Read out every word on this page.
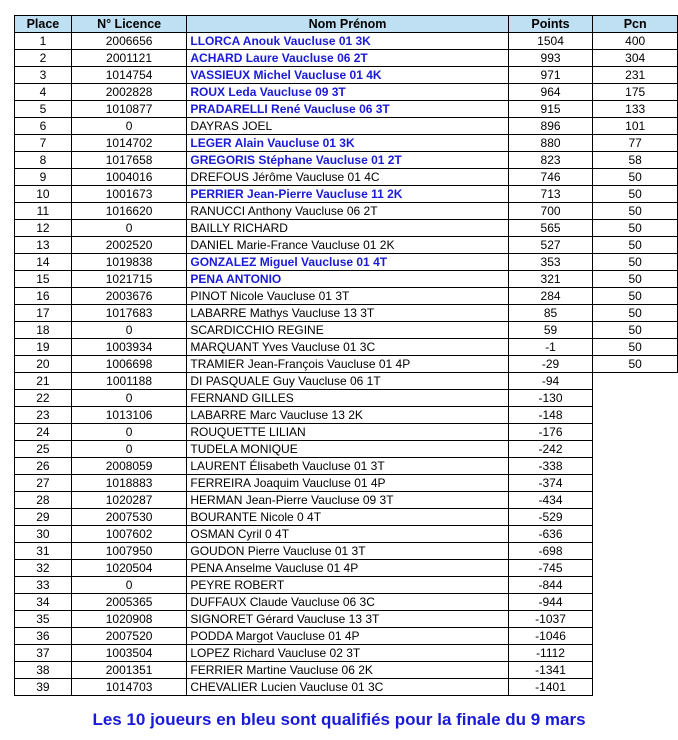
Place	N° Licence	Nom Prénom	Points	Pcn
1	2006656	LLORCA Anouk Vaucluse 01 3K	1504	400
2	2001121	ACHARD Laure Vaucluse 06 2T	993	304
3	1014754	VASSIEUX Michel Vaucluse 01 4K	971	231
4	2002828	ROUX Leda Vaucluse 09 3T	964	175
5	1010877	PRADARELLI René Vaucluse 06 3T	915	133
6	0	DAYRAS JOEL	896	101
7	1014702	LEGER Alain Vaucluse 01 3K	880	77
8	1017658	GREGORIS Stéphane Vaucluse 01 2T	823	58
9	1004016	DREFOUS Jérôme Vaucluse 01 4C	746	50
10	1001673	PERRIER Jean-Pierre Vaucluse 11 2K	713	50
11	1016620	RANUCCI Anthony Vaucluse 06 2T	700	50
12	0	BAILLY RICHARD	565	50
13	2002520	DANIEL Marie-France Vaucluse 01 2K	527	50
14	1019838	GONZALEZ Miguel Vaucluse 01 4T	353	50
15	1021715	PENA ANTONIO	321	50
16	2003676	PINOT Nicole Vaucluse 01 3T	284	50
17	1017683	LABARRE Mathys Vaucluse 13 3T	85	50
18	0	SCARDICCHIO REGINE	59	50
19	1003934	MARQUANT Yves Vaucluse 01 3C	-1	50
20	1006698	TRAMIER Jean-François Vaucluse 01 4P	-29	50
21	1001188	DI PASQUALE Guy Vaucluse 06 1T	-94	
22	0	FERNAND GILLES	-130	
23	1013106	LABARRE Marc Vaucluse 13 2K	-148	
24	0	ROUQUETTE LILIAN	-176	
25	0	TUDELA MONIQUE	-242	
26	2008059	LAURENT Élisabeth Vaucluse 01 3T	-338	
27	1018883	FERREIRA Joaquim Vaucluse 01 4P	-374	
28	1020287	HERMAN Jean-Pierre Vaucluse 09 3T	-434	
29	2007530	BOURANTE Nicole 0 4T	-529	
30	1007602	OSMAN Cyril 0 4T	-636	
31	1007950	GOUDON Pierre Vaucluse 01 3T	-698	
32	1020504	PENA Anselme Vaucluse 01 4P	-745	
33	0	PEYRE ROBERT	-844	
34	2005365	DUFFAUX Claude Vaucluse 06 3C	-944	
35	1020908	SIGNORET Gérard Vaucluse 13 3T	-1037	
36	2007520	PODDA Margot Vaucluse 01 4P	-1046	
37	1003504	LOPEZ Richard Vaucluse 02 3T	-1112	
38	2001351	FERRIER Martine Vaucluse 06 2K	-1341	
39	1014703	CHEVALIER Lucien Vaucluse 01 3C	-1401	
Les 10 joueurs en bleu sont qualifiés pour la finale du 9 mars
